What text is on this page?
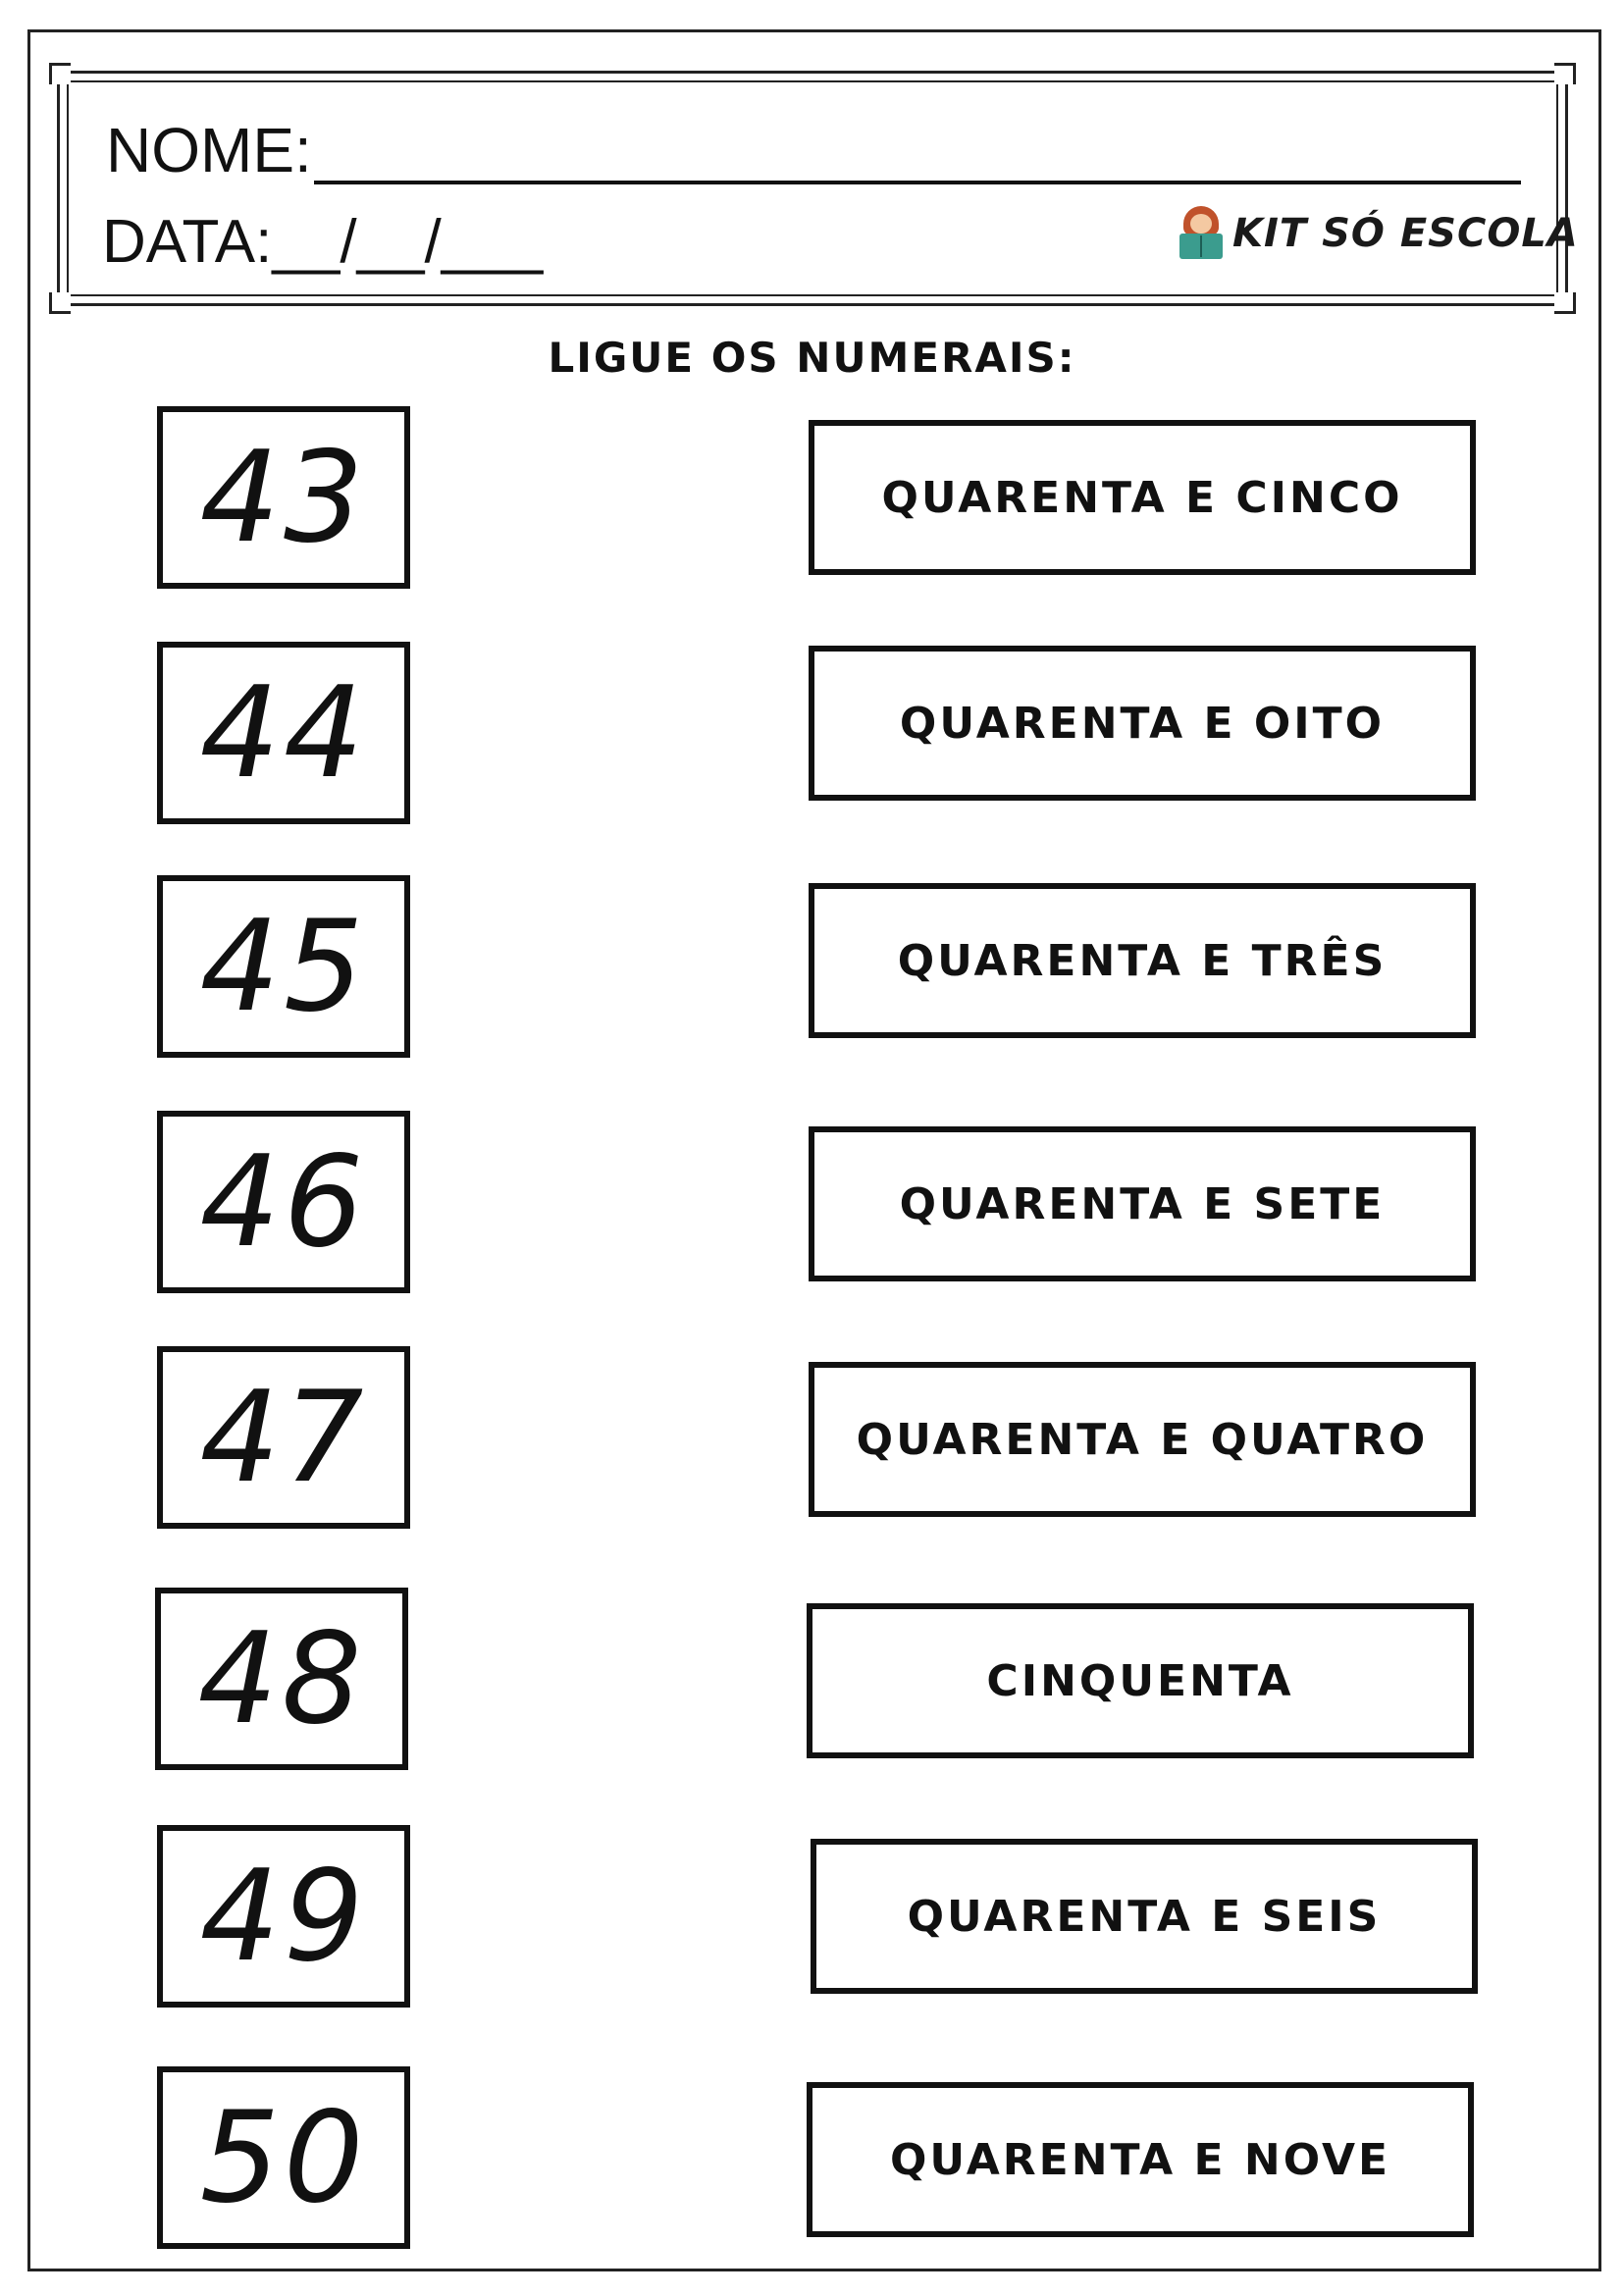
NOME:
DATA:__/__/___	KIT SÓ ESCOLA
LIGUE OS NUMERAIS:
43
44
45
46
47
48
49
50
QUARENTA E CINCO
QUARENTA E OITO
QUARENTA E TRÊS
QUARENTA E SETE
QUARENTA E QUATRO
CINQUENTA
QUARENTA E SEIS
QUARENTA E NOVE
